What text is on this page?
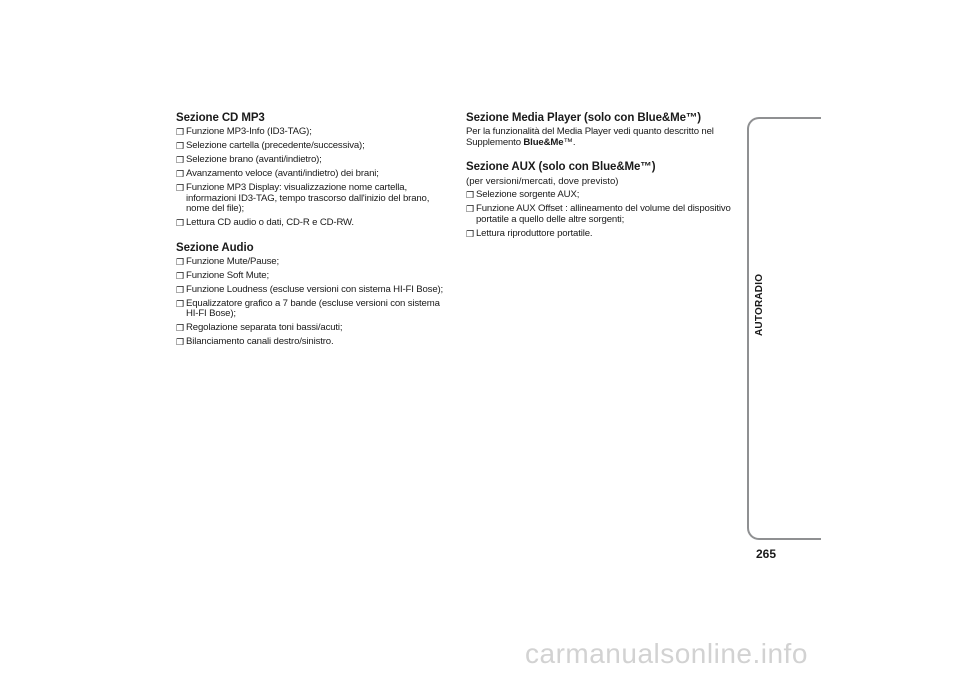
Sezione CD MP3
❒ Funzione MP3-Info (ID3-TAG);
❒ Selezione cartella (precedente/successiva);
❒ Selezione brano (avanti/indietro);
❒ Avanzamento veloce (avanti/indietro) dei brani;
❒ Funzione MP3 Display: visualizzazione nome cartella, informazioni ID3-TAG, tempo trascorso dall'inizio del brano, nome del file);
❒ Lettura CD audio o dati, CD-R e CD-RW.
Sezione Audio
❒ Funzione Mute/Pause;
❒ Funzione Soft Mute;
❒ Funzione Loudness (escluse versioni con sistema HI-FI Bose);
❒ Equalizzatore grafico a 7 bande (escluse versioni con sistema HI-FI Bose);
❒ Regolazione separata toni bassi/acuti;
❒ Bilanciamento canali destro/sinistro.
Sezione Media Player (solo con Blue&Me™)

Per la funzionalità del Media Player vedi quanto descritto nel Supplemento Blue&Me™.

Sezione AUX (solo con Blue&Me™)
(per versioni/mercati, dove previsto)
❒ Selezione sorgente AUX;
❒ Funzione AUX Offset : allineamento del volume del dispositivo portatile a quello delle altre sorgenti;
❒ Lettura riproduttore portatile.
AUTORADIO
265
carmanualsonline.info
